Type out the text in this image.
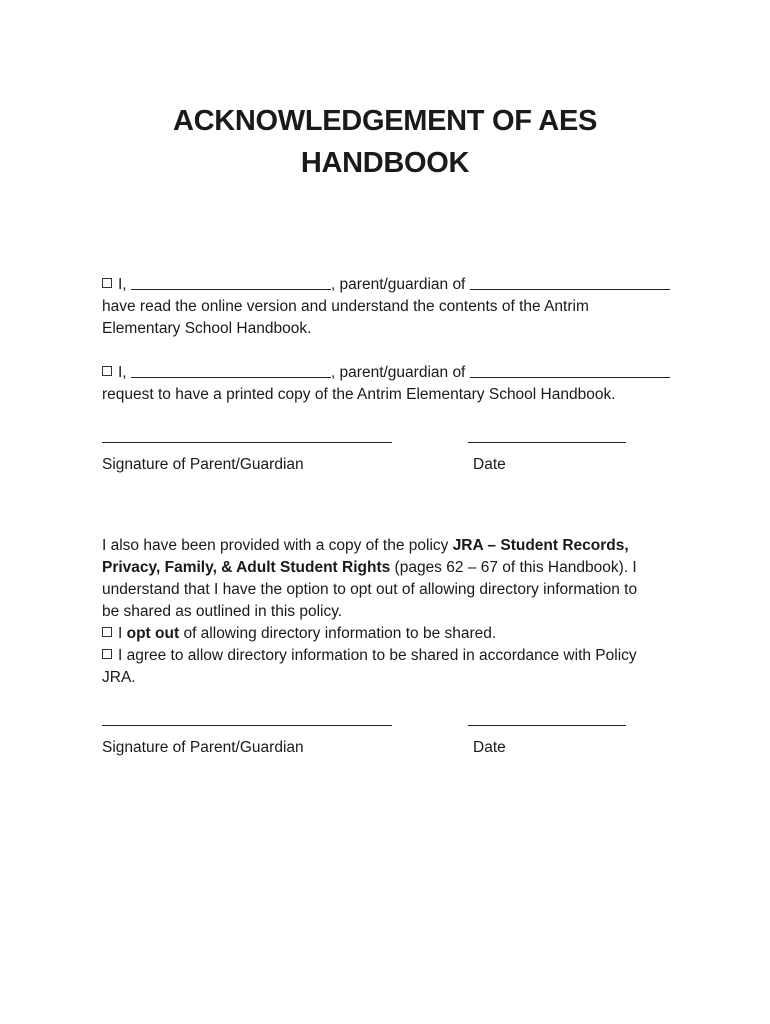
ACKNOWLEDGEMENT OF AES
HANDBOOK
I,	, parent/guardian of
have read the online version and understand the contents of the Antrim
Elementary School Handbook.
I,	, parent/guardian of
request to have a printed copy of the Antrim Elementary School Handbook.
Signature of Parent/Guardian	Date
I also have been provided with a copy of the policy JRA – Student Records,
Privacy, Family, & Adult Student Rights (pages 62 – 67 of this Handbook). I
understand that I have the option to opt out of allowing directory information to
be shared as outlined in this policy.
I opt out of allowing directory information to be shared.
I agree to allow directory information to be shared in accordance with Policy
JRA.
Signature of Parent/Guardian	Date
